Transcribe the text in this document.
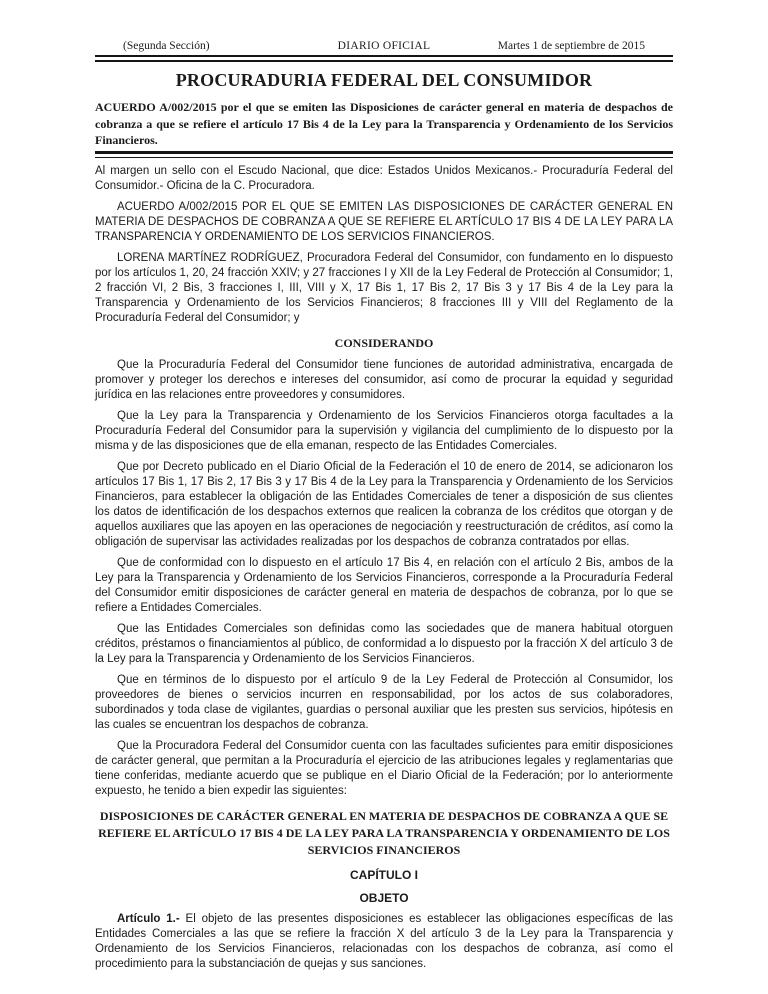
(Segunda Sección)	DIARIO OFICIAL	Martes 1 de septiembre de 2015
PROCURADURIA FEDERAL DEL CONSUMIDOR

ACUERDO A/002/2015 por el que se emiten las Disposiciones de carácter general en materia de despachos de cobranza a que se refiere el artículo 17 Bis 4 de la Ley para la Transparencia y Ordenamiento de los Servicios Financieros.

Al margen un sello con el Escudo Nacional, que dice: Estados Unidos Mexicanos.- Procuraduría Federal del Consumidor.- Oficina de la C. Procuradora.

ACUERDO A/002/2015 POR EL QUE SE EMITEN LAS DISPOSICIONES DE CARÁCTER GENERAL EN MATERIA DE DESPACHOS DE COBRANZA A QUE SE REFIERE EL ARTÍCULO 17 BIS 4 DE LA LEY PARA LA TRANSPARENCIA Y ORDENAMIENTO DE LOS SERVICIOS FINANCIEROS.

LORENA MARTÍNEZ RODRÍGUEZ, Procuradora Federal del Consumidor, con fundamento en lo dispuesto por los artículos 1, 20, 24 fracción XXIV; y 27 fracciones I y XII de la Ley Federal de Protección al Consumidor; 1, 2 fracción VI, 2 Bis, 3 fracciones I, III, VIII y X, 17 Bis 1, 17 Bis 2, 17 Bis 3 y 17 Bis 4 de la Ley para la Transparencia y Ordenamiento de los Servicios Financieros; 8 fracciones III y VIII del Reglamento de la Procuraduría Federal del Consumidor; y

CONSIDERANDO

Que la Procuraduría Federal del Consumidor tiene funciones de autoridad administrativa, encargada de promover y proteger los derechos e intereses del consumidor, así como de procurar la equidad y seguridad jurídica en las relaciones entre proveedores y consumidores.

Que la Ley para la Transparencia y Ordenamiento de los Servicios Financieros otorga facultades a la Procuraduría Federal del Consumidor para la supervisión y vigilancia del cumplimiento de lo dispuesto por la misma y de las disposiciones que de ella emanan, respecto de las Entidades Comerciales.

Que por Decreto publicado en el Diario Oficial de la Federación el 10 de enero de 2014, se adicionaron los artículos 17 Bis 1, 17 Bis 2, 17 Bis 3 y 17 Bis 4 de la Ley para la Transparencia y Ordenamiento de los Servicios Financieros, para establecer la obligación de las Entidades Comerciales de tener a disposición de sus clientes los datos de identificación de los despachos externos que realicen la cobranza de los créditos que otorgan y de aquellos auxiliares que las apoyen en las operaciones de negociación y reestructuración de créditos, así como la obligación de supervisar las actividades realizadas por los despachos de cobranza contratados por ellas.

Que de conformidad con lo dispuesto en el artículo 17 Bis 4, en relación con el artículo 2 Bis, ambos de la Ley para la Transparencia y Ordenamiento de los Servicios Financieros, corresponde a la Procuraduría Federal del Consumidor emitir disposiciones de carácter general en materia de despachos de cobranza, por lo que se refiere a Entidades Comerciales.

Que las Entidades Comerciales son definidas como las sociedades que de manera habitual otorguen créditos, préstamos o financiamientos al público, de conformidad a lo dispuesto por la fracción X del artículo 3 de la Ley para la Transparencia y Ordenamiento de los Servicios Financieros.

Que en términos de lo dispuesto por el artículo 9 de la Ley Federal de Protección al Consumidor, los proveedores de bienes o servicios incurren en responsabilidad, por los actos de sus colaboradores, subordinados y toda clase de vigilantes, guardias o personal auxiliar que les presten sus servicios, hipótesis en las cuales se encuentran los despachos de cobranza.

Que la Procuradora Federal del Consumidor cuenta con las facultades suficientes para emitir disposiciones de carácter general, que permitan a la Procuraduría el ejercicio de las atribuciones legales y reglamentarias que tiene conferidas, mediante acuerdo que se publique en el Diario Oficial de la Federación; por lo anteriormente expuesto, he tenido a bien expedir las siguientes:

DISPOSICIONES DE CARÁCTER GENERAL EN MATERIA DE DESPACHOS DE COBRANZA A QUE SE REFIERE EL ARTÍCULO 17 BIS 4 DE LA LEY PARA LA TRANSPARENCIA Y ORDENAMIENTO DE LOS SERVICIOS FINANCIEROS
CAPÍTULO I
OBJETO

Artículo 1.- El objeto de las presentes disposiciones es establecer las obligaciones específicas de las Entidades Comerciales a las que se refiere la fracción X del artículo 3 de la Ley para la Transparencia y Ordenamiento de los Servicios Financieros, relacionadas con los despachos de cobranza, así como el procedimiento para la substanciación de quejas y sus sanciones.
